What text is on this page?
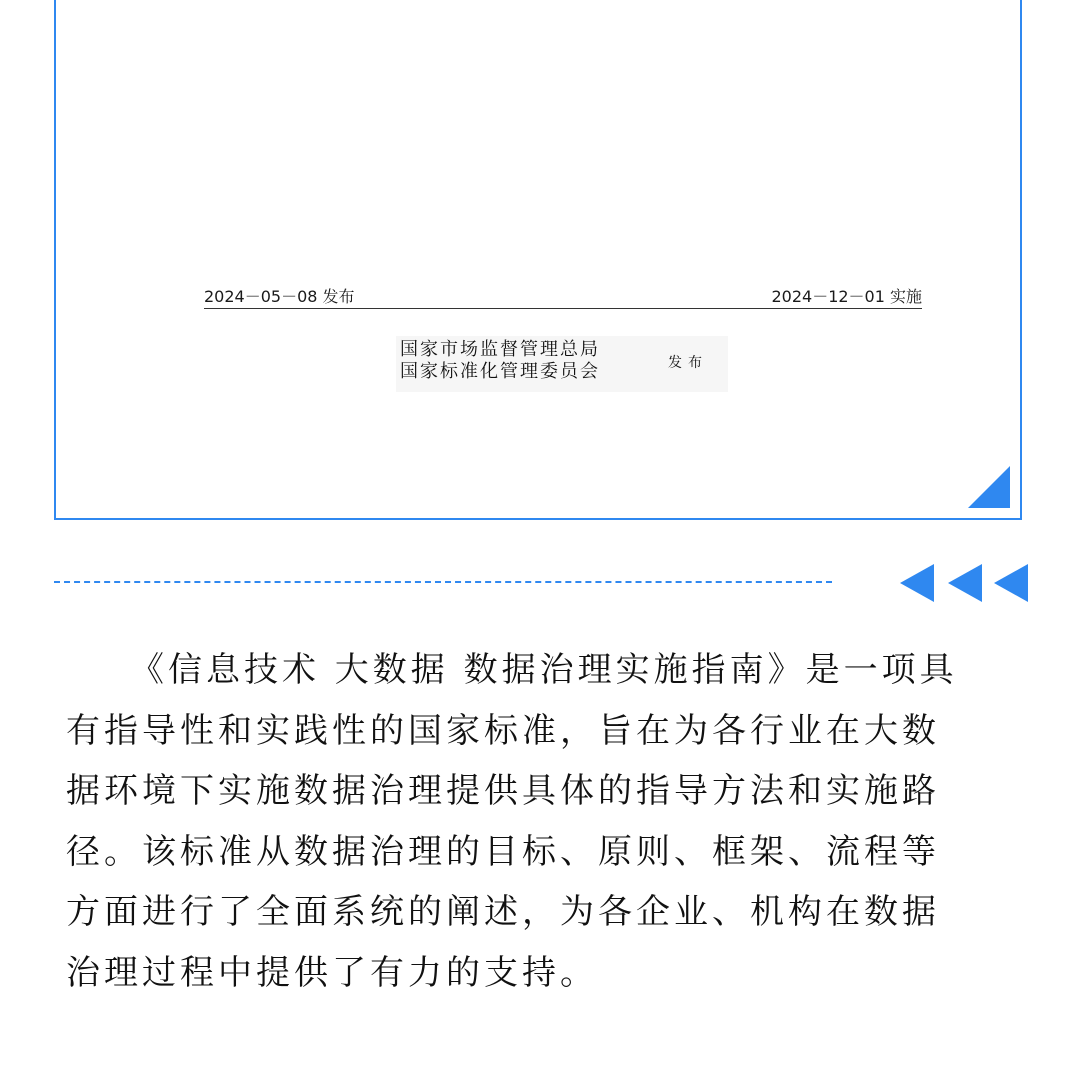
2024－05－08 发布	2024－12－01 实施
国家市场监督管理总局
国家标准化管理委员会	发布

《信息技术 大数据 数据治理实施指南》是一项具
有指导性和实践性的国家标准，旨在为各行业在大数
据环境下实施数据治理提供具体的指导方法和实施路
径。该标准从数据治理的目标、原则、框架、流程等
方面进行了全面系统的阐述，为各企业、机构在数据
治理过程中提供了有力的支持。
